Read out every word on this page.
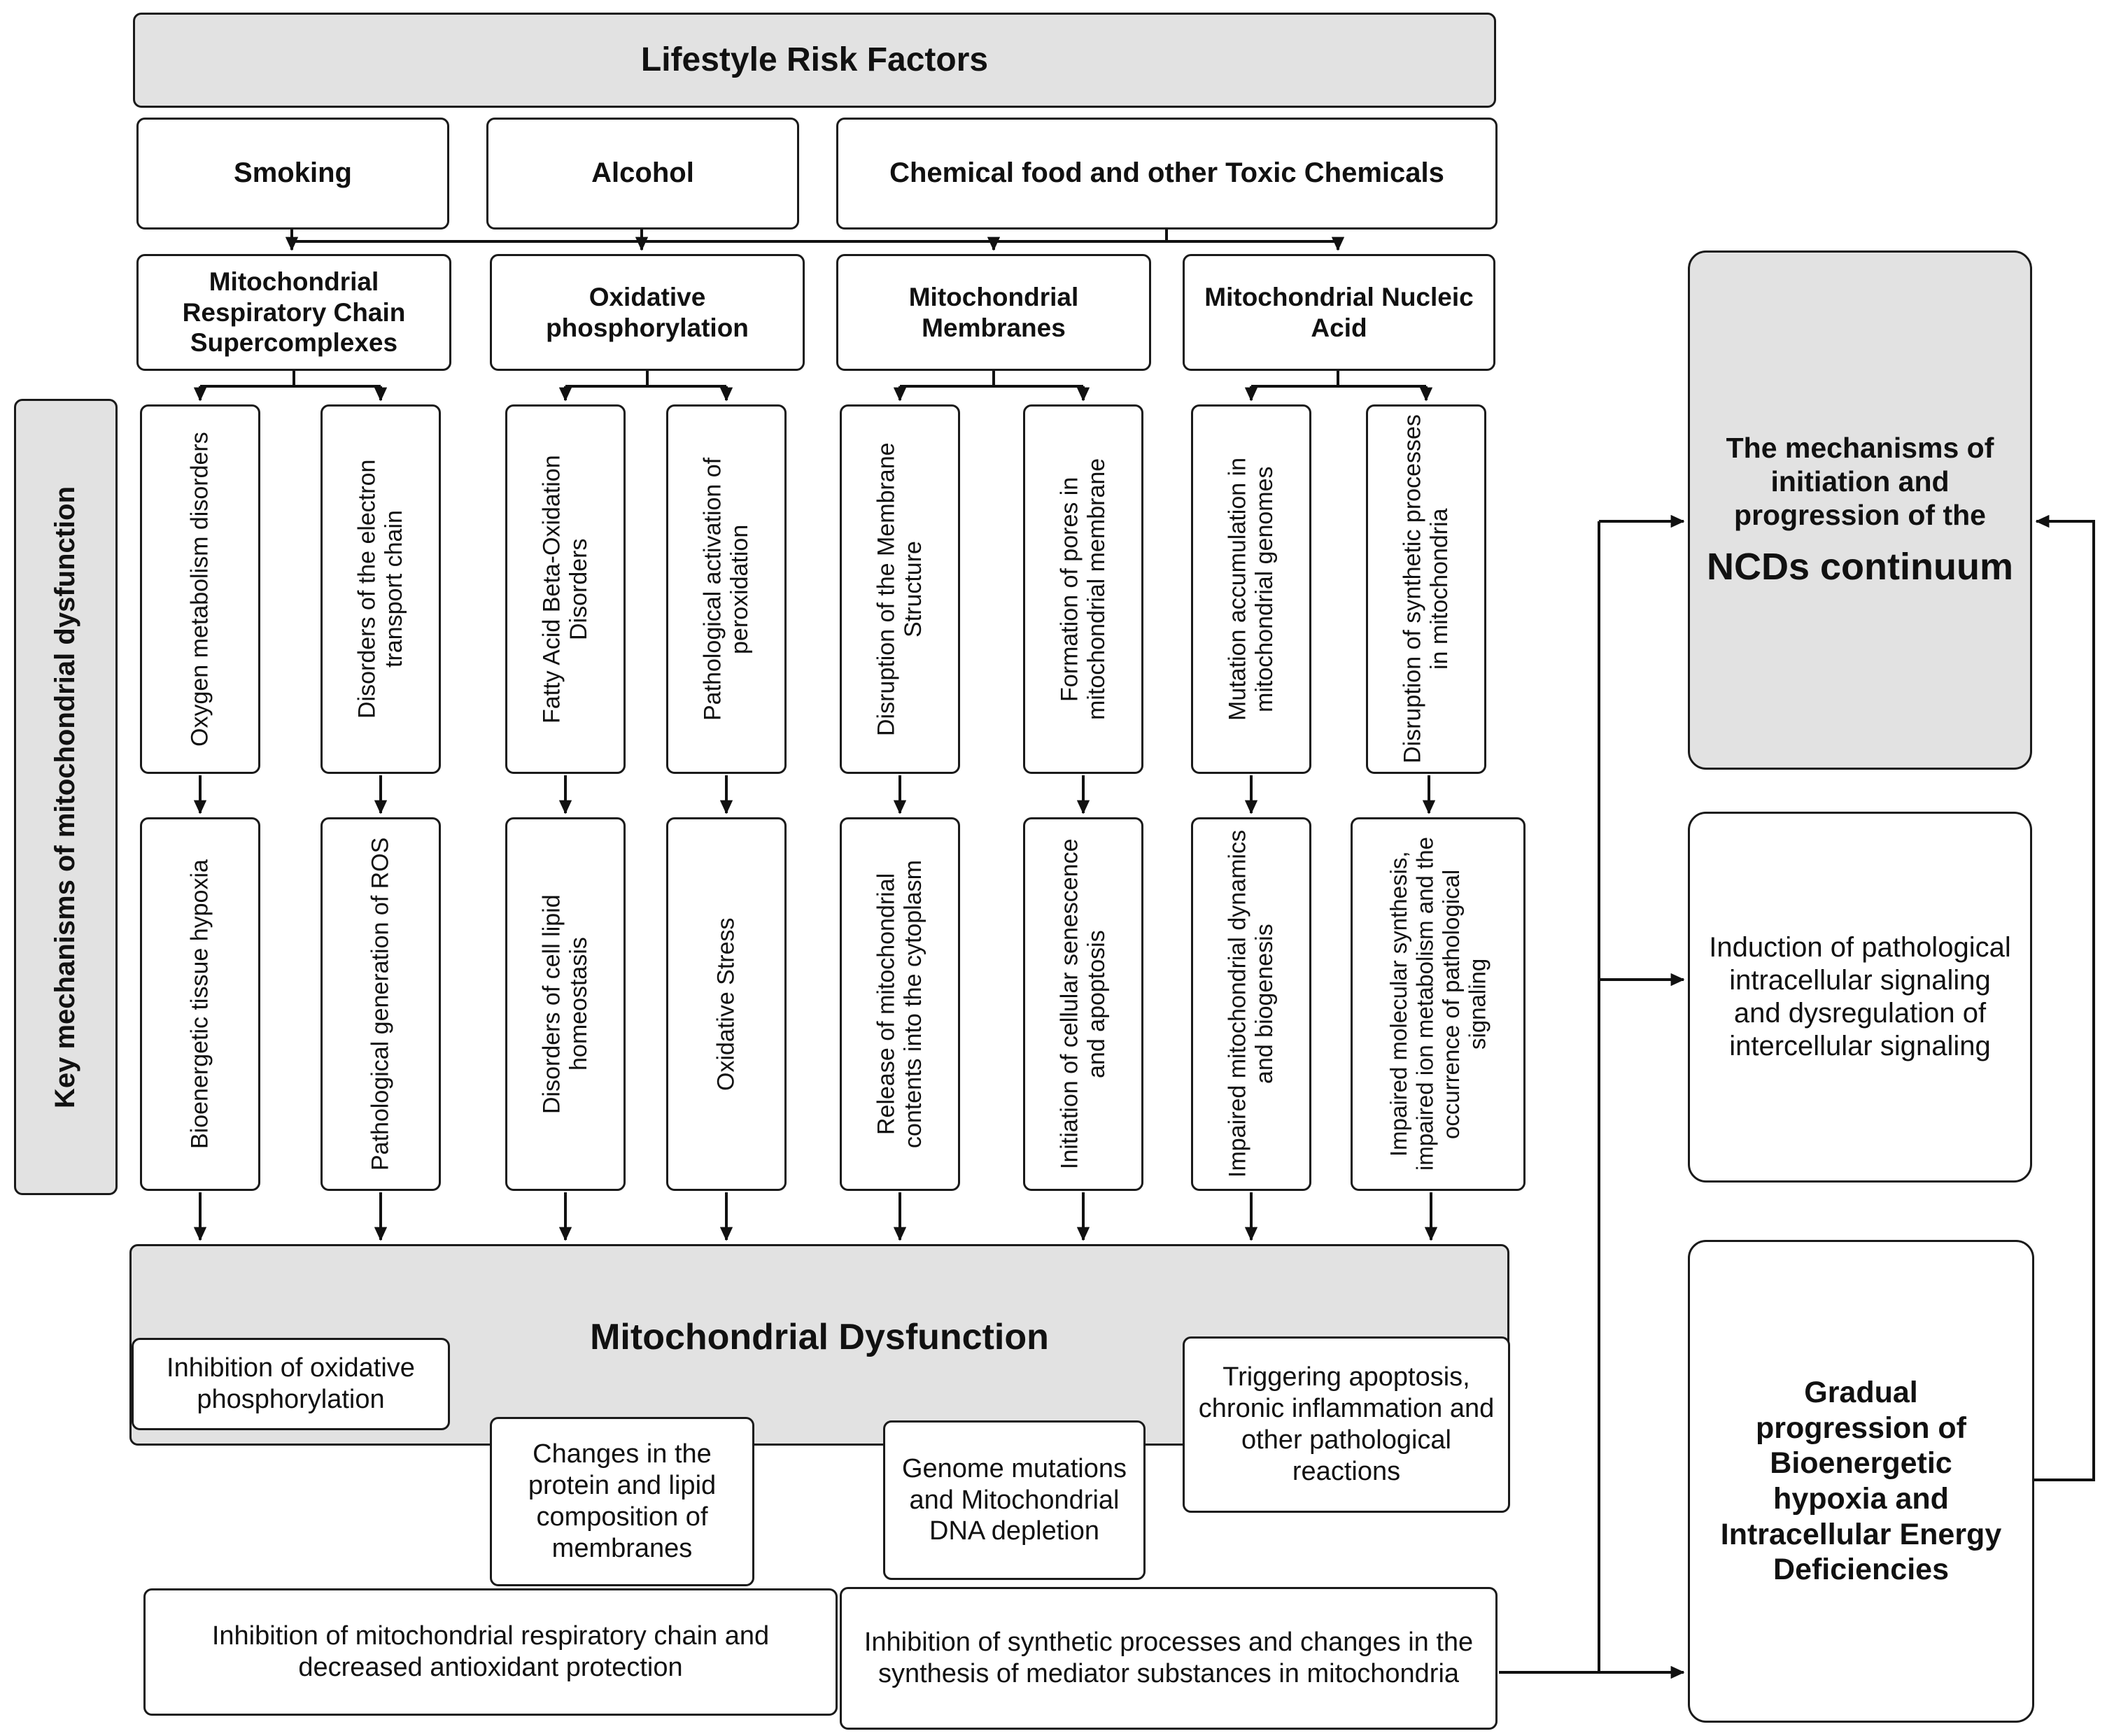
Lifestyle Risk Factors
Smoking	Alcohol	Chemical food and other Toxic Chemicals
Mitochondrial Respiratory Chain Supercomplexes
Oxidative phosphorylation
Mitochondrial Membranes
Mitochondrial Nucleic Acid
Key mechanisms of mitochondrial dysfunction	Oxygen metabolism disorders	Disorders of the electron transport chain	Fatty Acid Beta-Oxidation Disorders	Pathological activation of peroxidation	Disruption of the Membrane Structure	Formation of pores in mitochondrial membrane	Mutation accumulation in mitochondrial genomes	Disruption of synthetic processes in mitochondria
Bioenergetic tissue hypoxia	Pathological generation of ROS	Disorders of cell lipid homeostasis	Oxidative Stress	Release of mitochondrial contents into the cytoplasm	Initiation of cellular senescence and apoptosis	Impaired mitochondrial dynamics and biogenesis	Impaired molecular synthesis, impaired ion metabolism and the occurrence of pathological signaling
Mitochondrial Dysfunction
Inhibition of oxidative phosphorylation
Changes in the protein and lipid composition of membranes
Genome mutations and Mitochondrial DNA depletion
Triggering apoptosis, chronic inflammation and other pathological reactions
Inhibition of mitochondrial respiratory chain and decreased antioxidant protection
Inhibition of synthetic processes and changes in the synthesis of mediator substances in mitochondria
The mechanisms of initiation and progression of the
NCDs continuum
Induction of pathological intracellular signaling and dysregulation of intercellular signaling
Gradual progression of Bioenergetic hypoxia and Intracellular Energy Deficiencies
